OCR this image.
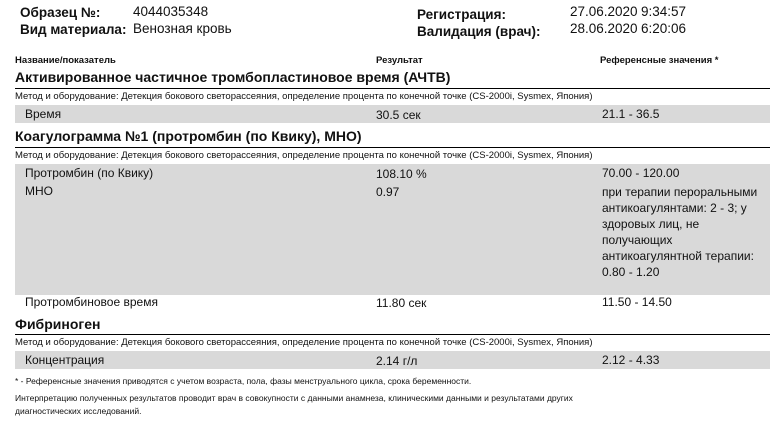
Образец №: 4044035348
Вид материала: Венозная кровь
Регистрация:	27.06.2020 9:34:57
Валидация (врач): 28.06.2020 6:20:06
Название/показатель	Результат	Референсные значения *
Активированное частичное тромбопластиновое время (АЧТВ)
Метод и оборудование: Детекция бокового светорассеяния, определение процента по конечной точке (CS-2000i, Sysmex, Япония)
Время	30.5 сек	21.1 - 36.5
Коагулограмма №1 (протромбин (по Квику), МНО)
Метод и оборудование: Детекция бокового светорассеяния, определение процента по конечной точке (CS-2000i, Sysmex, Япония)
Протромбин (по Квику)	108.10 %	70.00 - 120.00
МНО	0.97	при терапии пероральными антикоагулянтами: 2 - 3; у здоровых лиц, не получающих антикоагулянтной терапии: 0.80 - 1.20
Протромбиновое время	11.80 сек	11.50 - 14.50
Фибриноген
Метод и оборудование: Детекция бокового светорассеяния, определение процента по конечной точке (CS-2000i, Sysmex, Япония)
Концентрация	2.14 г/л	2.12 - 4.33
* - Референсные значения приводятся с учетом возраста, пола, фазы менструального цикла, срока беременности.
Интерпретацию полученных результатов проводит врач в совокупности с данными анамнеза, клиническими данными и результатами других диагностических исследований.
